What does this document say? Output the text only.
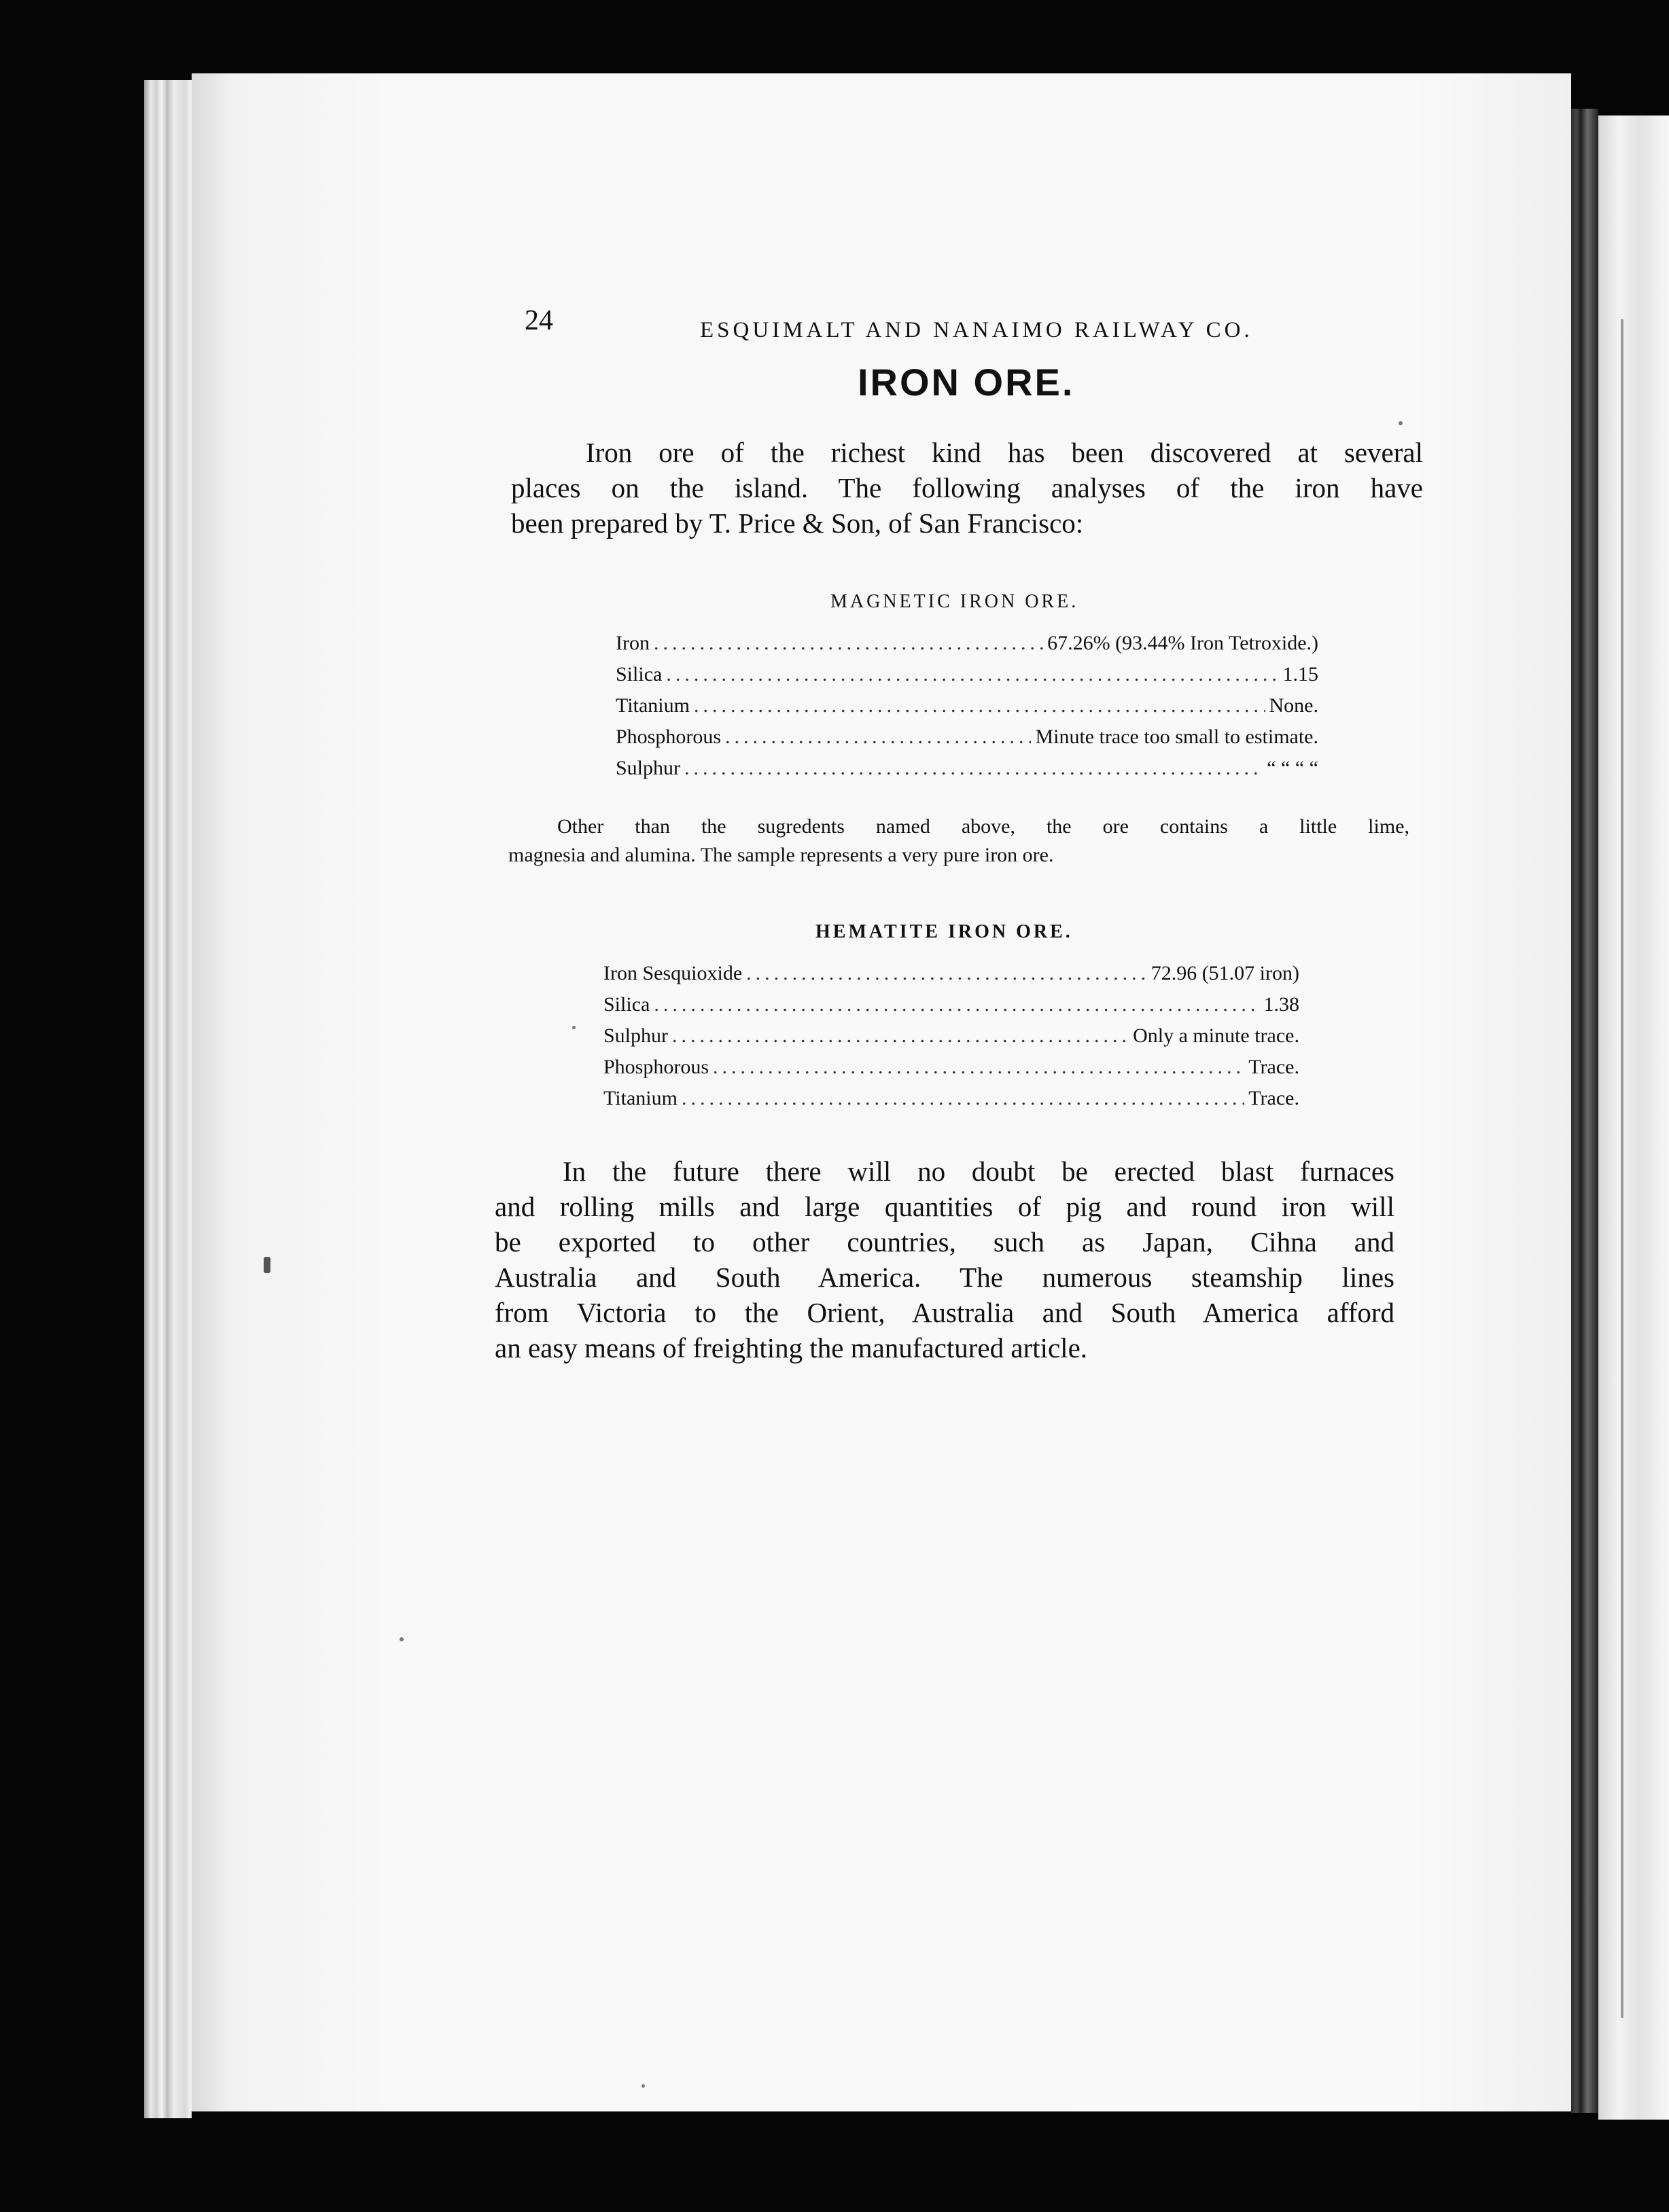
24	ESQUIMALT AND NANAIMO RAILWAY CO.

IRON ORE.

Iron ore of the richest kind has been discovered at several
places on the island. The following analyses of the iron have
been prepared by T. Price & Son, of San Francisco:

MAGNETIC IRON ORE.
Iron .....	67.26% (93.44% Iron Tetroxide.)
Silica .....	1.15
Titanium .....	None.
Phosphorous .....	Minute trace too small to estimate.
Sulphur .....	“ “ “ “

Other than the sugredents named above, the ore contains a little lime,
magnesia and alumina. The sample represents a very pure iron ore.

HEMATITE IRON ORE.
Iron Sesquioxide .....	72.96 (51.07 iron)
Silica .....	1.38
Sulphur .....	Only a minute trace.
Phosphorous .....	Trace.
Titanium .....	Trace.

In the future there will no doubt be erected blast furnaces
and rolling mills and large quantities of pig and round iron will
be exported to other countries, such as Japan, Cihna and
Australia and South America. The numerous steamship lines
from Victoria to the Orient, Australia and South America afford
an easy means of freighting the manufactured article.
